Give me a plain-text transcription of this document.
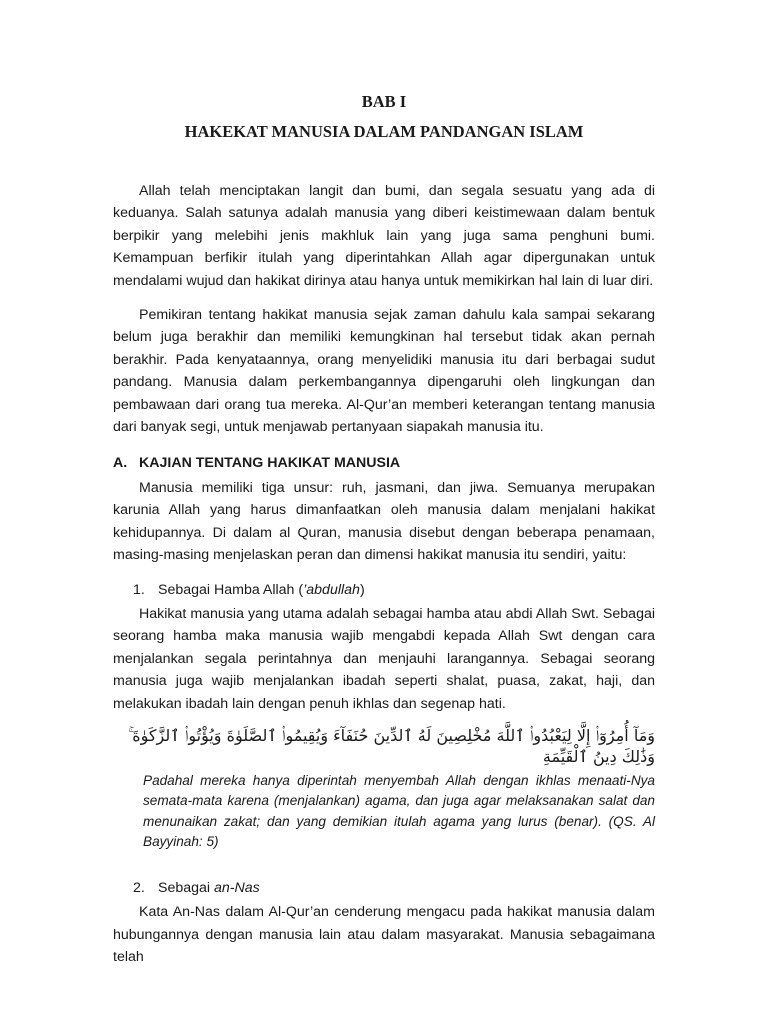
BAB I
HAKEKAT MANUSIA DALAM PANDANGAN ISLAM

Allah telah menciptakan langit dan bumi, dan segala sesuatu yang ada di keduanya. Salah satunya adalah manusia yang diberi keistimewaan dalam bentuk berpikir yang melebihi jenis makhluk lain yang juga sama penghuni bumi. Kemampuan berfikir itulah yang diperintahkan Allah agar dipergunakan untuk mendalami wujud dan hakikat dirinya atau hanya untuk memikirkan hal lain di luar diri.

Pemikiran tentang hakikat manusia sejak zaman dahulu kala sampai sekarang belum juga berakhir dan memiliki kemungkinan hal tersebut tidak akan pernah berakhir. Pada kenyataannya, orang menyelidiki manusia itu dari berbagai sudut pandang. Manusia dalam perkembangannya dipengaruhi oleh lingkungan dan pembawaan dari orang tua mereka. Al-Qur’an memberi keterangan tentang manusia dari banyak segi, untuk menjawab pertanyaan siapakah manusia itu.

A. KAJIAN TENTANG HAKIKAT MANUSIA

Manusia memiliki tiga unsur: ruh, jasmani, dan jiwa. Semuanya merupakan karunia Allah yang harus dimanfaatkan oleh manusia dalam menjalani hakikat kehidupannya. Di dalam al Quran, manusia disebut dengan beberapa penamaan, masing-masing menjelaskan peran dan dimensi hakikat manusia itu sendiri, yaitu:

1. Sebagai Hamba Allah (’abdullah)

Hakikat manusia yang utama adalah sebagai hamba atau abdi Allah Swt. Sebagai seorang hamba maka manusia wajib mengabdi kepada Allah Swt dengan cara menjalankan segala perintahnya dan menjauhi larangannya. Sebagai seorang manusia juga wajib menjalankan ibadah seperti shalat, puasa, zakat, haji, dan melakukan ibadah lain dengan penuh ikhlas dan segenap hati.

وَمَآ أُمِرُوٓا۟ إِلَّا لِيَعْبُدُوا۟ ٱللَّهَ مُخْلِصِينَ لَهُ ٱلدِّينَ حُنَفَآءَ وَيُقِيمُوا۟ ٱلصَّلَوٰةَ وَيُؤْتُوا۟ ٱلزَّكَوٰةَ ۚ وَذَٰلِكَ دِينُ ٱلْقَيِّمَةِ

Padahal mereka hanya diperintah menyembah Allah dengan ikhlas menaati-Nya semata-mata karena (menjalankan) agama, dan juga agar melaksanakan salat dan menunaikan zakat; dan yang demikian itulah agama yang lurus (benar). (QS. Al Bayyinah: 5)

2. Sebagai an-Nas

Kata An-Nas dalam Al-Qur’an cenderung mengacu pada hakikat manusia dalam hubungannya dengan manusia lain atau dalam masyarakat. Manusia sebagaimana telah
